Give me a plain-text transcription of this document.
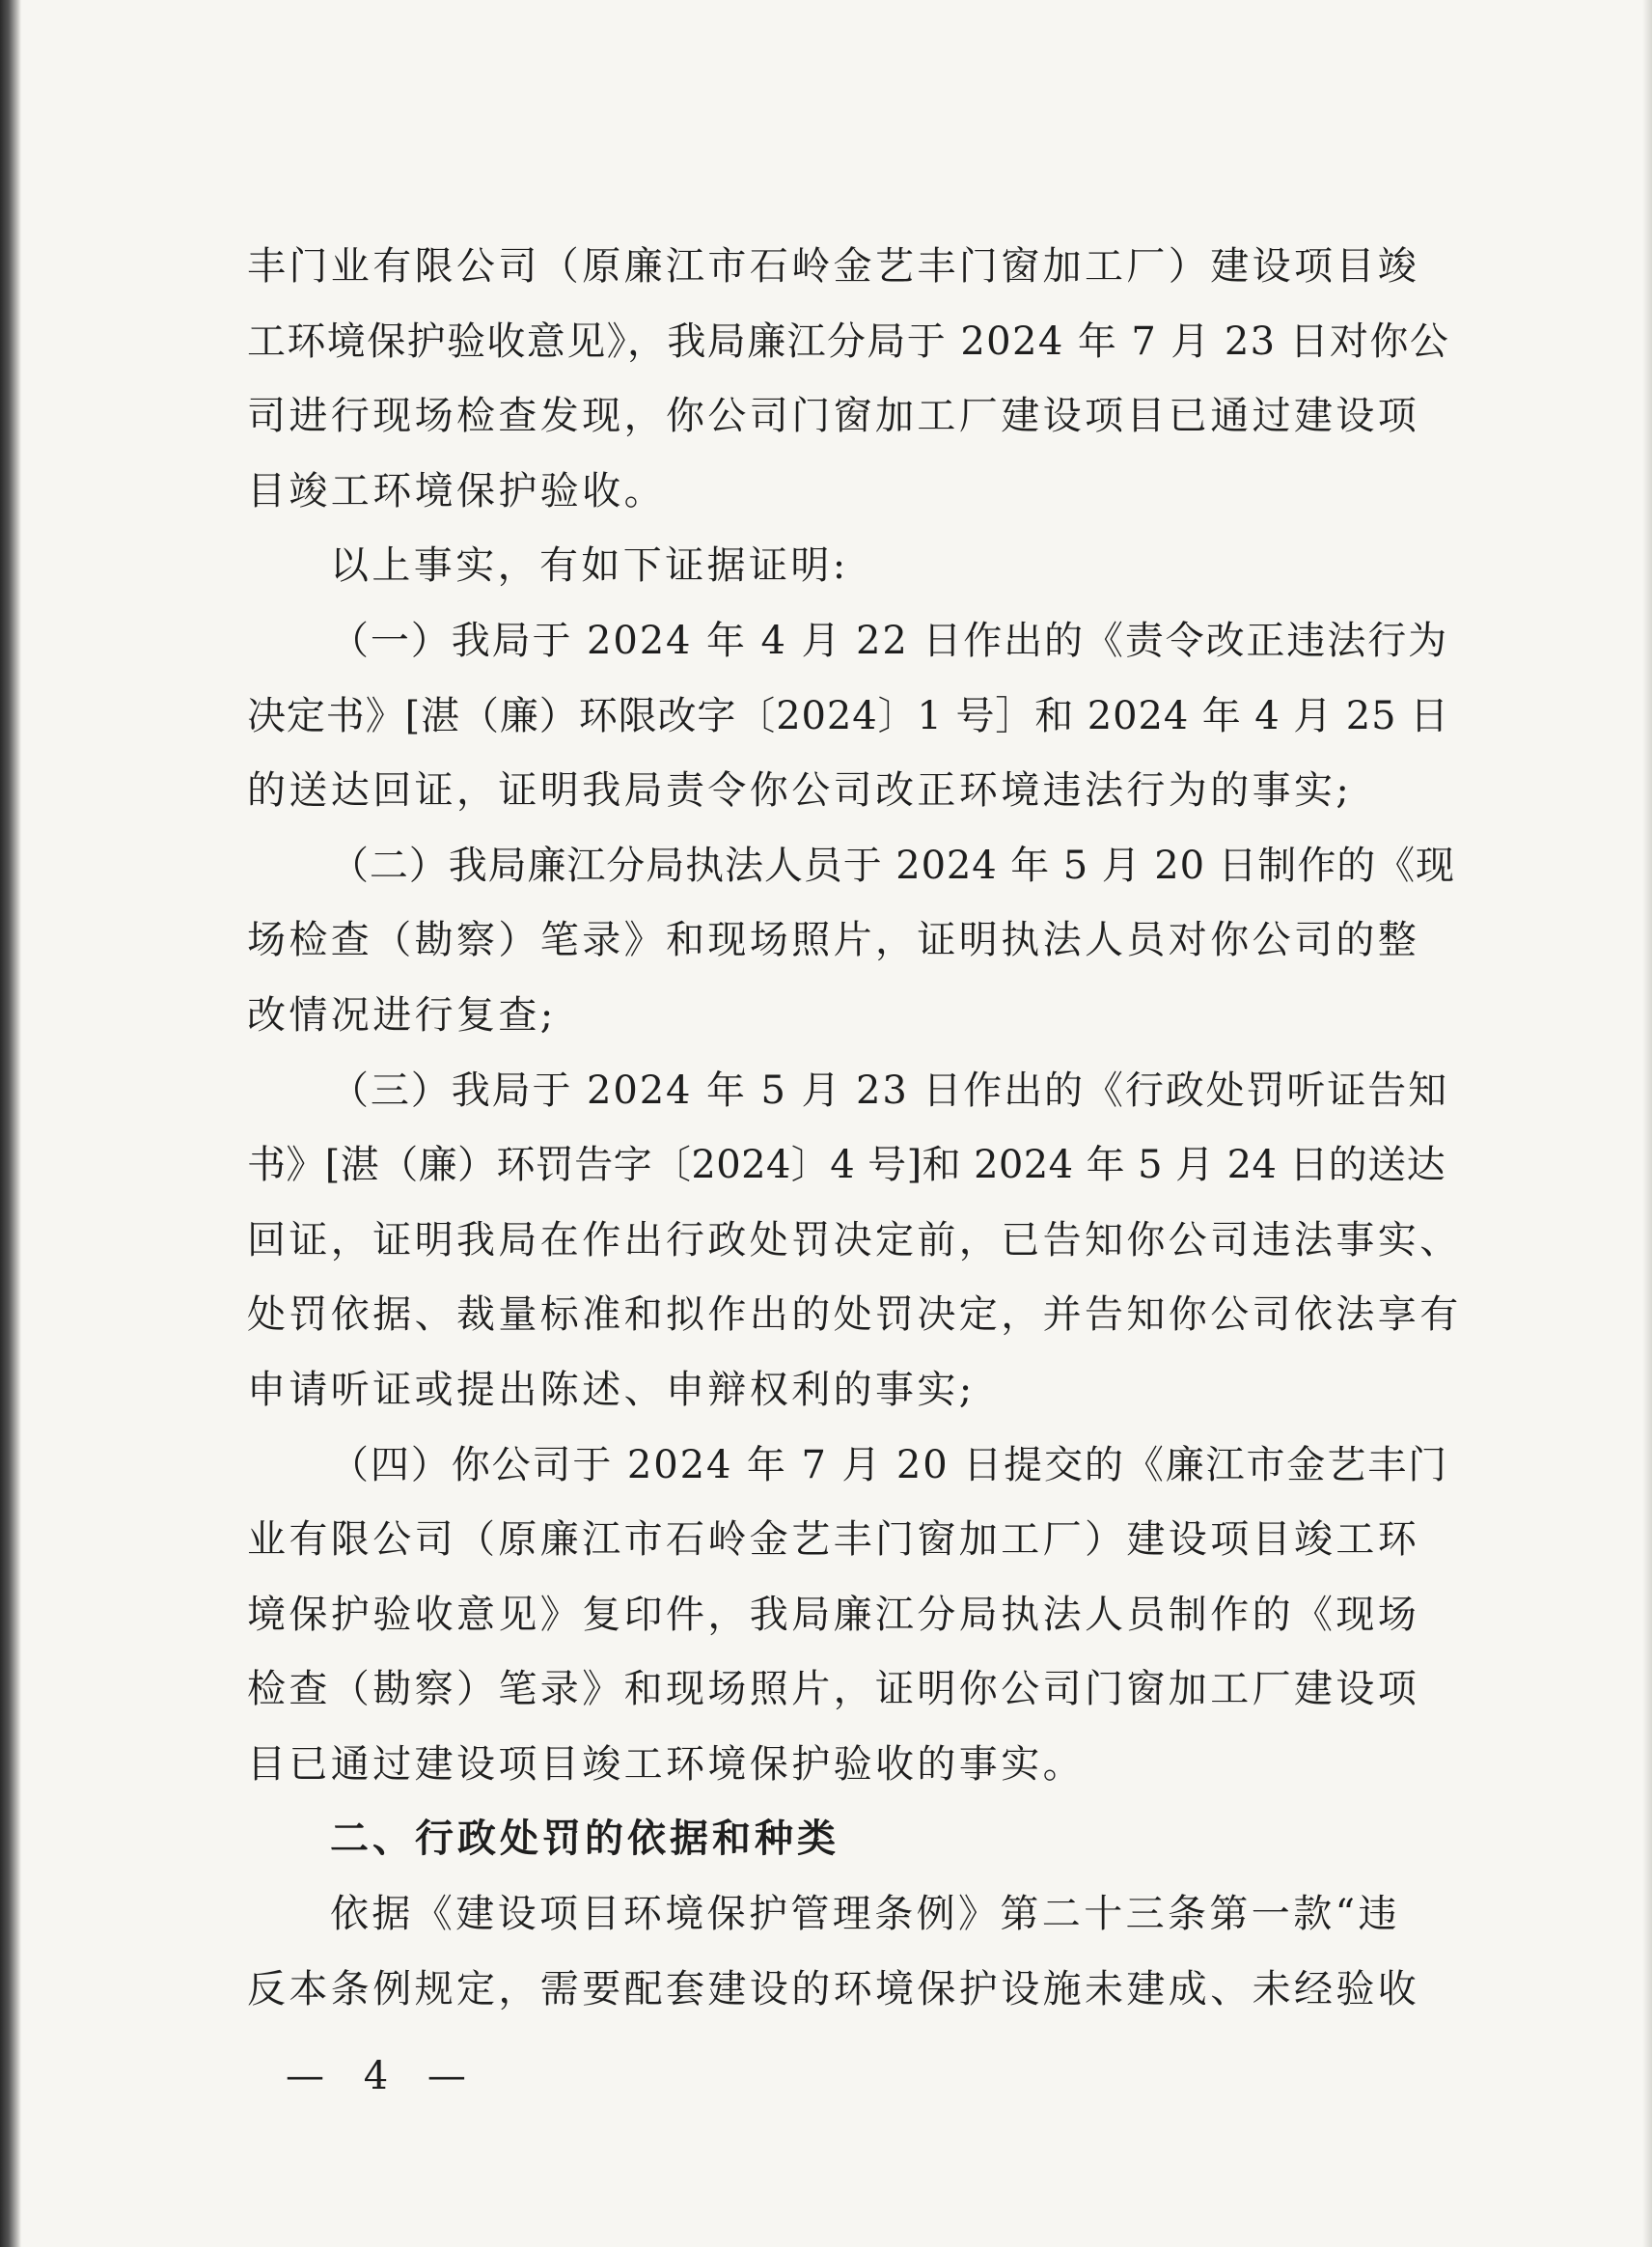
丰门业有限公司（原廉江市石岭金艺丰门窗加工厂）建设项目竣
工环境保护验收意见》，我局廉江分局于 2024 年 7 月 23 日对你公
司进行现场检查发现，你公司门窗加工厂建设项目已通过建设项
目竣工环境保护验收。
以上事实，有如下证据证明:
（一）我局于 2024 年 4 月 22 日作出的《责令改正违法行为
决定书》[湛（廉）环限改字〔2024〕1 号］和 2024 年 4 月 25 日
的送达回证，证明我局责令你公司改正环境违法行为的事实;
（二）我局廉江分局执法人员于 2024 年 5 月 20 日制作的《现
场检查（勘察）笔录》和现场照片，证明执法人员对你公司的整
改情况进行复查;
（三）我局于 2024 年 5 月 23 日作出的《行政处罚听证告知
书》[湛（廉）环罚告字〔2024〕4 号]和 2024 年 5 月 24 日的送达
回证，证明我局在作出行政处罚决定前，已告知你公司违法事实、
处罚依据、裁量标准和拟作出的处罚决定，并告知你公司依法享有
申请听证或提出陈述、申辩权利的事实;
（四）你公司于 2024 年 7 月 20 日提交的《廉江市金艺丰门
业有限公司（原廉江市石岭金艺丰门窗加工厂）建设项目竣工环
境保护验收意见》复印件，我局廉江分局执法人员制作的《现场
检查（勘察）笔录》和现场照片，证明你公司门窗加工厂建设项
目已通过建设项目竣工环境保护验收的事实。
二、行政处罚的依据和种类
依据《建设项目环境保护管理条例》第二十三条第一款“违
反本条例规定，需要配套建设的环境保护设施未建成、未经验收
— 4 —
